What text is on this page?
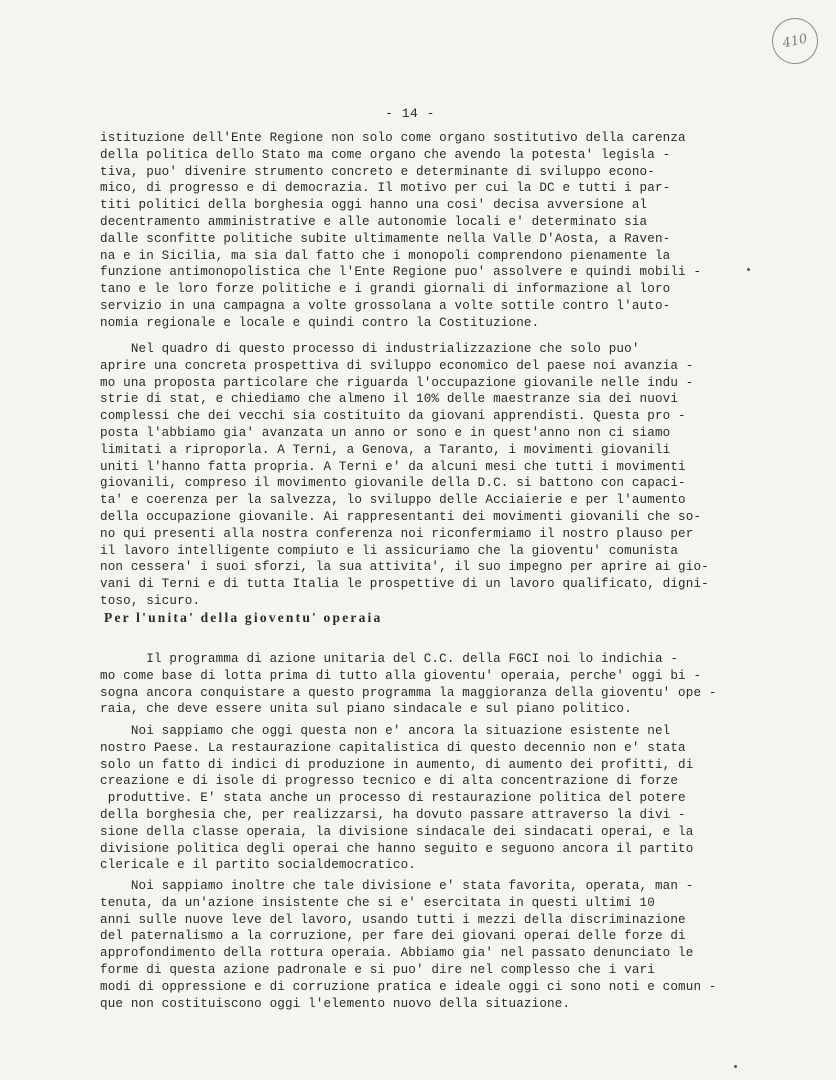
410
- 14 -
istituzione dell'Ente Regione non solo come organo sostitutivo della carenza
della politica dello Stato ma come organo che avendo la potesta' legisla -
tiva, puo' divenire strumento concreto e determinante di sviluppo econo-
mico, di progresso e di democrazia. Il motivo per cui la DC e tutti i par-
titi politici della borghesia oggi hanno una cosi' decisa avversione al
decentramento amministrative e alle autonomie locali e' determinato sia
dalle sconfitte politiche subite ultimamente nella Valle D'Aosta, a Raven-
na e in Sicilia, ma sia dal fatto che i monopoli comprendono pienamente la
funzione antimonopolistica che l'Ente Regione puo' assolvere e quindi mobili -
tano e le loro forze politiche e i grandi giornali di informazione al loro
servizio in una campagna a volte grossolana a volte sottile contro l'auto-
nomia regionale e locale e quindi contro la Costituzione.
Nel quadro di questo processo di industrializzazione che solo puo'
aprire una concreta prospettiva di sviluppo economico del paese noi avanzia -
mo una proposta particolare che riguarda l'occupazione giovanile nelle indu -
strie di stat, e chiediamo che almeno il 10% delle maestranze sia dei nuovi
complessi che dei vecchi sia costituito da giovani apprendisti. Questa pro -
posta l'abbiamo gia' avanzata un anno or sono e in quest'anno non ci siamo
limitati a riproporla. A Terni, a Genova, a Taranto, i movimenti giovanili
uniti l'hanno fatta propria. A Terni e' da alcuni mesi che tutti i movimenti
giovanili, compreso il movimento giovanile della D.C. si battono con capaci-
ta' e coerenza per la salvezza, lo sviluppo delle Acciaierie e per l'aumento
della occupazione giovanile. Ai rappresentanti dei movimenti giovanili che so-
no qui presenti alla nostra conferenza noi riconfermiamo il nostro plauso per
il lavoro intelligente compiuto e li assicuriamo che la gioventu' comunista
non cessera' i suoi sforzi, la sua attivita', il suo impegno per aprire ai gio-
vani di Terni e di tutta Italia le prospettive di un lavoro qualificato, digni-
toso, sicuro.
Per l'unita' della gioventu' operaia
Il programma di azione unitaria del C.C. della FGCI noi lo indichia -
mo come base di lotta prima di tutto alla gioventu' operaia, perche' oggi bi -
sogna ancora conquistare a questo programma la maggioranza della gioventu' ope -
raia, che deve essere unita sul piano sindacale e sul piano politico.
Noi sappiamo che oggi questa non e' ancora la situazione esistente nel
nostro Paese. La restaurazione capitalistica di questo decennio non e' stata
solo un fatto di indici di produzione in aumento, di aumento dei profitti, di
creazione e di isole di progresso tecnico e di alta concentrazione di forze
produttive. E' stata anche un processo di restaurazione politica del potere
della borghesia che, per realizzarsi, ha dovuto passare attraverso la divi -
sione della classe operaia, la divisione sindacale dei sindacati operai, e la
divisione politica degli operai che hanno seguito e seguono ancora il partito
clericale e il partito socialdemocratico.
Noi sappiamo inoltre che tale divisione e' stata favorita, operata, man -
tenuta, da un'azione insistente che si e' esercitata in questi ultimi 10
anni sulle nuove leve del lavoro, usando tutti i mezzi della discriminazione
del paternalismo a la corruzione, per fare dei giovani operai delle forze di
approfondimento della rottura operaia. Abbiamo gia' nel passato denunciato le
forme di questa azione padronale e si puo' dire nel complesso che i vari
modi di oppressione e di corruzione pratica e ideale oggi ci sono noti e comun -
que non costituiscono oggi l'elemento nuovo della situazione.
